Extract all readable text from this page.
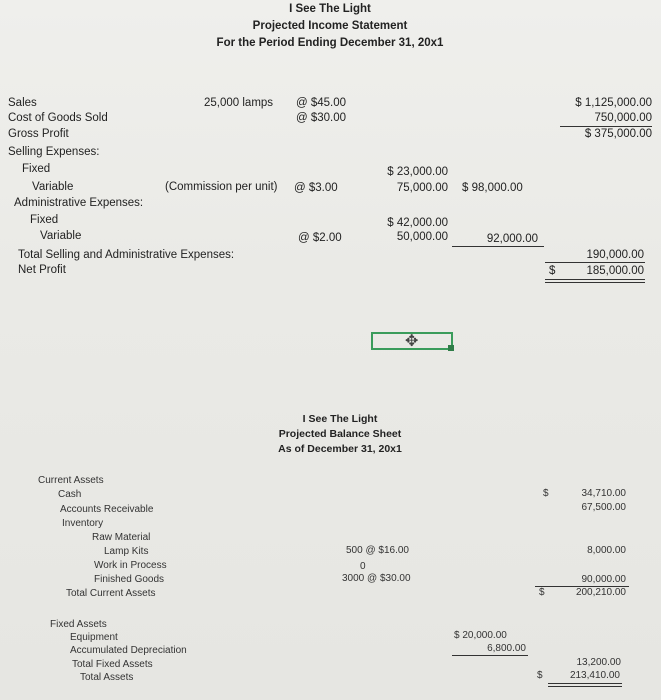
I See The Light
Projected Income Statement
For the Period Ending December 31, 20x1
Sales	25,000 lamps @ $45.00	$ 1,125,000.00
Cost of Goods Sold	@ $30.00	750,000.00
Gross Profit	$ 375,000.00
Selling Expenses:
Fixed	$ 23,000.00
Variable	(Commission per unit) @ $3.00	75,000.00 $ 98,000.00
Administrative Expenses:
Fixed	$ 42,000.00
Variable	@ $2.00	50,000.00	92,000.00
Total Selling and Administrative Expenses:	190,000.00
Net Profit	$	185,000.00
✥
I See The Light
Projected Balance Sheet
As of December 31, 20x1
Current Assets
Cash	$	34,710.00
Accounts Receivable	67,500.00
Inventory
Raw Material
Lamp Kits	500 @ $16.00	8,000.00
Work in Process	0
Finished Goods	3000 @ $30.00	90,000.00
Total Current Assets	$	200,210.00
Fixed Assets
Equipment	$ 20,000.00
Accumulated Depreciation	6,800.00
Total Fixed Assets	13,200.00
Total Assets	$	213,410.00
